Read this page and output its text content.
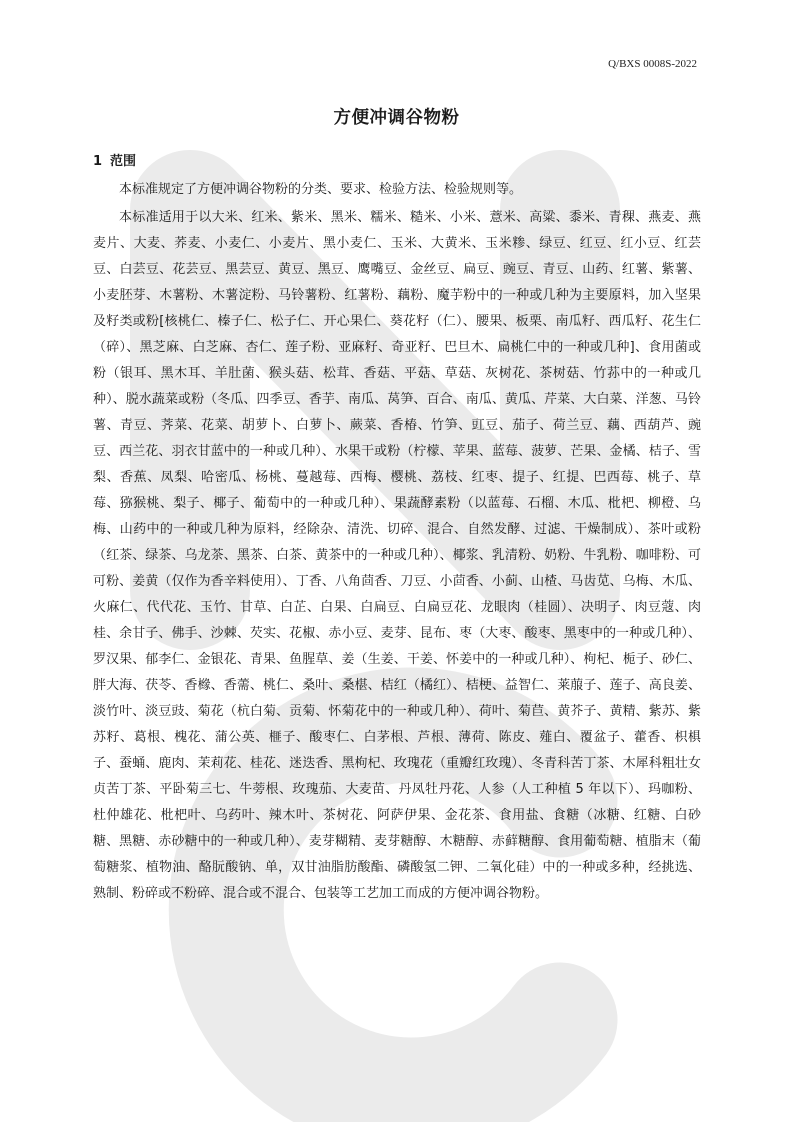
Q/BXS 0008S-2022
方便冲调谷物粉
1 范围

本标准规定了方便冲调谷物粉的分类、要求、检验方法、检验规则等。

本标准适用于以大米、红米、紫米、黑米、糯米、糙米、小米、薏米、高粱、黍米、青稞、燕麦、燕麦片、大麦、荞麦、小麦仁、小麦片、黑小麦仁、玉米、大黄米、玉米糁、绿豆、红豆、红小豆、红芸豆、白芸豆、花芸豆、黑芸豆、黄豆、黑豆、鹰嘴豆、金丝豆、扁豆、豌豆、青豆、山药、红薯、紫薯、小麦胚芽、木薯粉、木薯淀粉、马铃薯粉、红薯粉、藕粉、魔芋粉中的一种或几种为主要原料，加入坚果及籽类或粉[核桃仁、榛子仁、松子仁、开心果仁、葵花籽（仁）、腰果、板栗、南瓜籽、西瓜籽、花生仁（碎）、黑芝麻、白芝麻、杏仁、莲子粉、亚麻籽、奇亚籽、巴旦木、扁桃仁中的一种或几种]、食用菌或粉（银耳、黑木耳、羊肚菌、猴头菇、松茸、香菇、平菇、草菇、灰树花、茶树菇、竹荪中的一种或几种）、脱水蔬菜或粉（冬瓜、四季豆、香芋、南瓜、莴笋、百合、南瓜、黄瓜、芹菜、大白菜、洋葱、马铃薯、青豆、荠菜、花菜、胡萝卜、白萝卜、蕨菜、香椿、竹笋、豇豆、茄子、荷兰豆、藕、西葫芦、豌豆、西兰花、羽衣甘蓝中的一种或几种）、水果干或粉（柠檬、苹果、蓝莓、菠萝、芒果、金橘、桔子、雪梨、香蕉、凤梨、哈密瓜、杨桃、蔓越莓、西梅、樱桃、荔枝、红枣、提子、红提、巴西莓、桃子、草莓、猕猴桃、梨子、椰子、葡萄中的一种或几种）、果蔬酵素粉（以蓝莓、石榴、木瓜、枇杷、柳橙、乌梅、山药中的一种或几种为原料，经除杂、清洗、切碎、混合、自然发酵、过滤、干燥制成）、茶叶或粉（红茶、绿茶、乌龙茶、黑茶、白茶、黄茶中的一种或几种）、椰浆、乳清粉、奶粉、牛乳粉、咖啡粉、可可粉、姜黄（仅作为香辛料使用）、丁香、八角茴香、刀豆、小茴香、小蓟、山楂、马齿苋、乌梅、木瓜、火麻仁、代代花、玉竹、甘草、白芷、白果、白扁豆、白扁豆花、龙眼肉（桂圆）、决明子、肉豆蔻、肉桂、余甘子、佛手、沙棘、芡实、花椒、赤小豆、麦芽、昆布、枣（大枣、酸枣、黑枣中的一种或几种）、罗汉果、郁李仁、金银花、青果、鱼腥草、姜（生姜、干姜、怀姜中的一种或几种）、枸杞、栀子、砂仁、胖大海、茯苓、香橼、香薷、桃仁、桑叶、桑椹、桔红（橘红）、桔梗、益智仁、莱菔子、莲子、高良姜、淡竹叶、淡豆豉、菊花（杭白菊、贡菊、怀菊花中的一种或几种）、荷叶、菊苣、黄芥子、黄精、紫苏、紫苏籽、葛根、槐花、蒲公英、榧子、酸枣仁、白茅根、芦根、薄荷、陈皮、薤白、覆盆子、藿香、枳椇子、蚕蛹、鹿肉、茉莉花、桂花、迷迭香、黑枸杞、玫瑰花（重瓣红玫瑰）、冬青科苦丁茶、木犀科粗壮女贞苦丁茶、平卧菊三七、牛蒡根、玫瑰茄、大麦苗、丹凤牡丹花、人参（人工种植 5 年以下）、玛咖粉、杜仲雄花、枇杷叶、乌药叶、辣木叶、茶树花、阿萨伊果、金花茶、食用盐、食糖（冰糖、红糖、白砂糖、黑糖、赤砂糖中的一种或几种）、麦芽糊精、麦芽糖醇、木糖醇、赤藓糖醇、食用葡萄糖、植脂末（葡萄糖浆、植物油、酪朊酸钠、单，双甘油脂肪酸酯、磷酸氢二钾、二氧化硅）中的一种或多种，经挑选、熟制、粉碎或不粉碎、混合或不混合、包装等工艺加工而成的方便冲调谷物粉。
